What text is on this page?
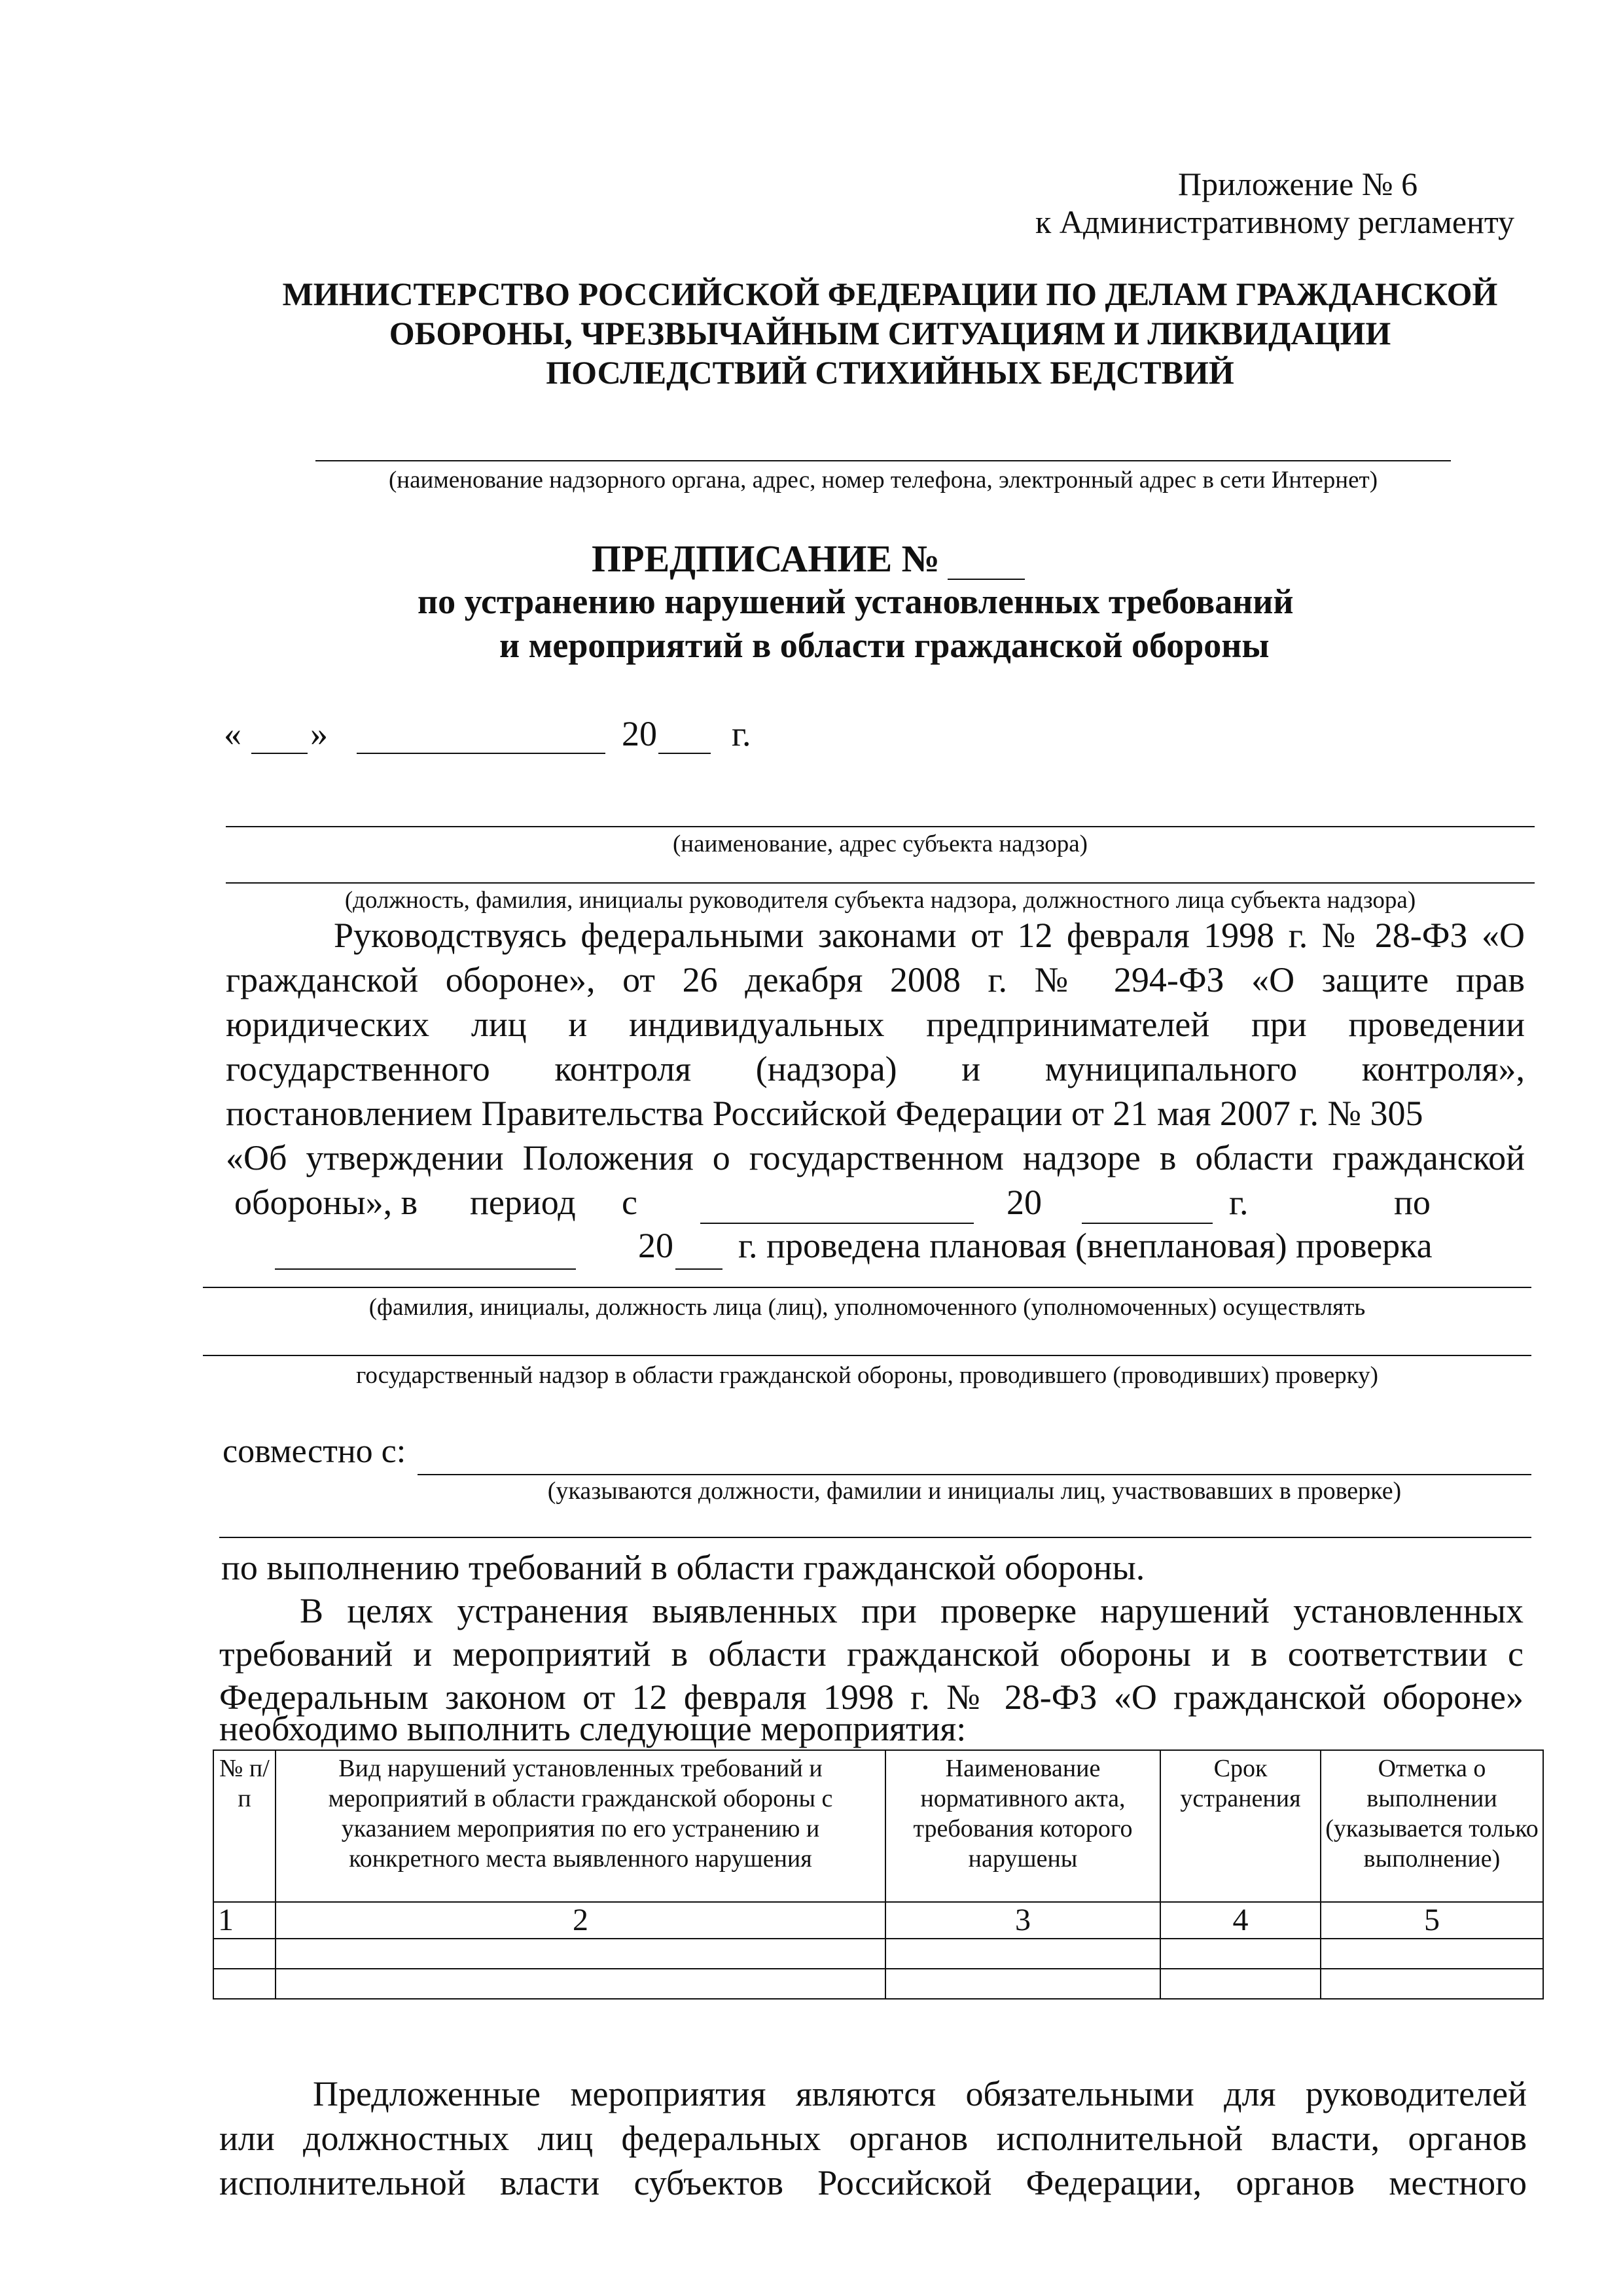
Приложение № 6
к Административному регламенту
МИНИСТЕРСТВО РОССИЙСКОЙ ФЕДЕРАЦИИ ПО ДЕЛАМ ГРАЖДАНСКОЙ
ОБОРОНЫ, ЧРЕЗВЫЧАЙНЫМ СИТУАЦИЯМ И ЛИКВИДАЦИИ
ПОСЛЕДСТВИЙ СТИХИЙНЫХ БЕДСТВИЙ
(наименование надзорного органа, адрес, номер телефона, электронный адрес в сети Интернет)
ПРЕДПИСАНИЕ №
по устранению нарушений установленных требований
и мероприятий в области гражданской обороны
« »	20 г.
(наименование, адрес субъекта надзора)
(должность, фамилия, инициалы руководителя субъекта надзора, должностного лица субъекта надзора)
Руководствуясь федеральными законами от 12 февраля 1998 г. № 28-ФЗ «О
гражданской обороне», от 26 декабря 2008 г. № 294-ФЗ «О защите прав
юридических лиц и индивидуальных предпринимателей при проведении
государственного контроля (надзора) и муниципального контроля»,
постановлением Правительства Российской Федерации от 21 мая 2007 г. № 305
«Об утверждении Положения о государственном надзоре в области гражданской
обороны», в период с	20	г.	по
20 г. проведена плановая (внеплановая) проверка
(фамилия, инициалы, должность лица (лиц), уполномоченного (уполномоченных) осуществлять
государственный надзор в области гражданской обороны, проводившего (проводивших) проверку)
совместно с:
(указываются должности, фамилии и инициалы лиц, участвовавших в проверке)
по выполнению требований в области гражданской обороны.
В целях устранения выявленных при проверке нарушений установленных
требований и мероприятий в области гражданской обороны и в соответствии с
Федеральным законом от 12 февраля 1998 г. № 28-ФЗ «О гражданской обороне»
необходимо выполнить следующие мероприятия:
№ п/п	Вид нарушений установленных требований и мероприятий в области гражданской обороны с указанием мероприятия по его устранению и конкретного места выявленного нарушения	Наименование нормативного акта, требования которого нарушены	Срок устранения	Отметка о выполнении (указывается только выполнение)
1	2	3	4	5

Предложенные мероприятия являются обязательными для руководителей
или должностных лиц федеральных органов исполнительной власти, органов
исполнительной власти субъектов Российской Федерации, органов местного
